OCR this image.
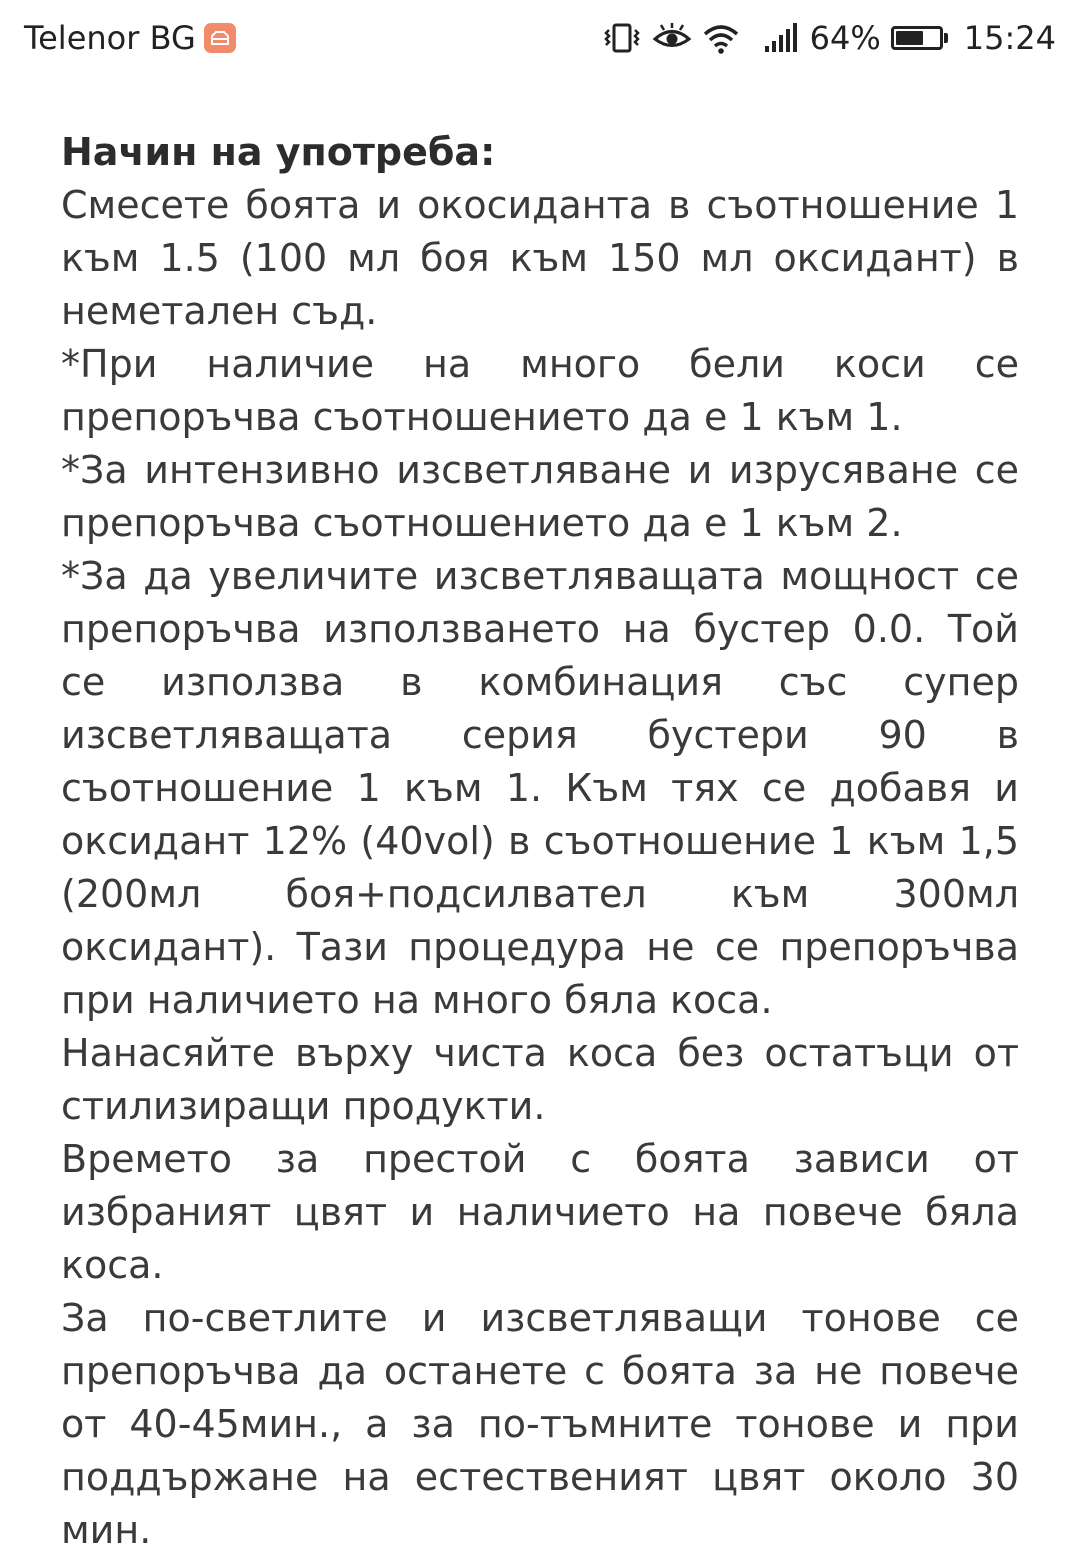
Telenor BG	64%	15:24
Начин на употреба:

Смесете боята и окосиданта в съотношение 1 към 1.5 (100 мл боя към 150 мл оксидант) в неметален съд.

*При наличие на много бели коси се препоръчва съотношението да е 1 към 1.

*За интензивно изсветляване и изрусяване се препоръчва съотношението да е 1 към 2.

*За да увеличите изсветляващата мощност се препоръчва използването на бустер 0.0. Той се използва в комбинация със супер изсветляващата серия бустери 90 в съотношение 1 към 1. Към тях се добавя и оксидант 12% (40vol) в съотношение 1 към 1,5 (200мл боя+подсилвател към 300мл оксидант). Тази процедура не се препоръчва при наличието на много бяла коса.

Нанасяйте върху чиста коса без остатъци от стилизиращи продукти.

Времето за престой с боята зависи от избраният цвят и наличието на повече бяла коса.

За по-светлите и изсветляващи тонове се препоръчва да останете с боята за не повече от 40-45мин., а за по-тъмните тонове и при поддържане на естественият цвят около 30 мин.
